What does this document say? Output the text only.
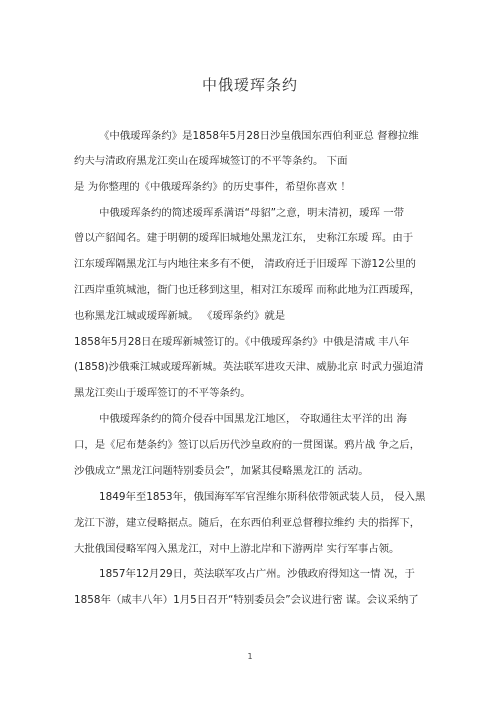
中俄瑷珲条约
《中俄瑷珲条约》是1858年5月28日沙皇俄国东西伯利亚总 督穆拉维
约夫与清政府黑龙江奕山在瑷珲城签订的不平等条约。 下面
是 为你整理的《中俄瑷珲条约》的历史事件，希望你喜欢 ！
中俄瑷珲条约的简述瑷珲系满语“母貂”之意，明末清初，瑷珲 一带
曾以产貂闻名。建于明朝的瑷珲旧城地处黑龙江东， 史称江东瑷 珲。由于
江东瑷珲隔黑龙江与内地往来多有不便， 清政府迁于旧瑷珲 下游12公里的
江西岸重筑城池，衙门也迁移到这里，相对江东瑷珲 而称此地为江西瑷珲，
也称黑龙江城或瑷珲新城。 《瑷珲条约》就是
1858年5月28日在瑷珲新城签订的。《中俄瑷珲条约》中俄是清咸 丰八年
(1858)沙俄乘江城或瑷珲新城。英法联军进攻天津、威胁北京 时武力强迫清
黑龙江奕山于瑷珲签订的不平等条约。
中俄瑷珲条约的简介侵吞中国黑龙江地区， 夺取通往太平洋的出 海
口，是《尼布楚条约》签订以后历代沙皇政府的一贯图谋。鸦片战 争之后，
沙俄成立“黑龙江问题特别委员会”，加紧其侵略黑龙江的 活动。
1849年至1853年，俄国海军军官涅维尔斯科依带领武装人员， 侵入黑
龙江下游，建立侵略据点。随后，在东西伯利亚总督穆拉维约 夫的指挥下，
大批俄国侵略军闯入黑龙江，对中上游北岸和下游两岸 实行军事占领。
1857年12月29日，英法联军攻占广州。沙俄政府得知这一情 况，于
1858年（咸丰八年）1月5日召开“特别委员会”会议进行密 谋。会议采纳了
1
